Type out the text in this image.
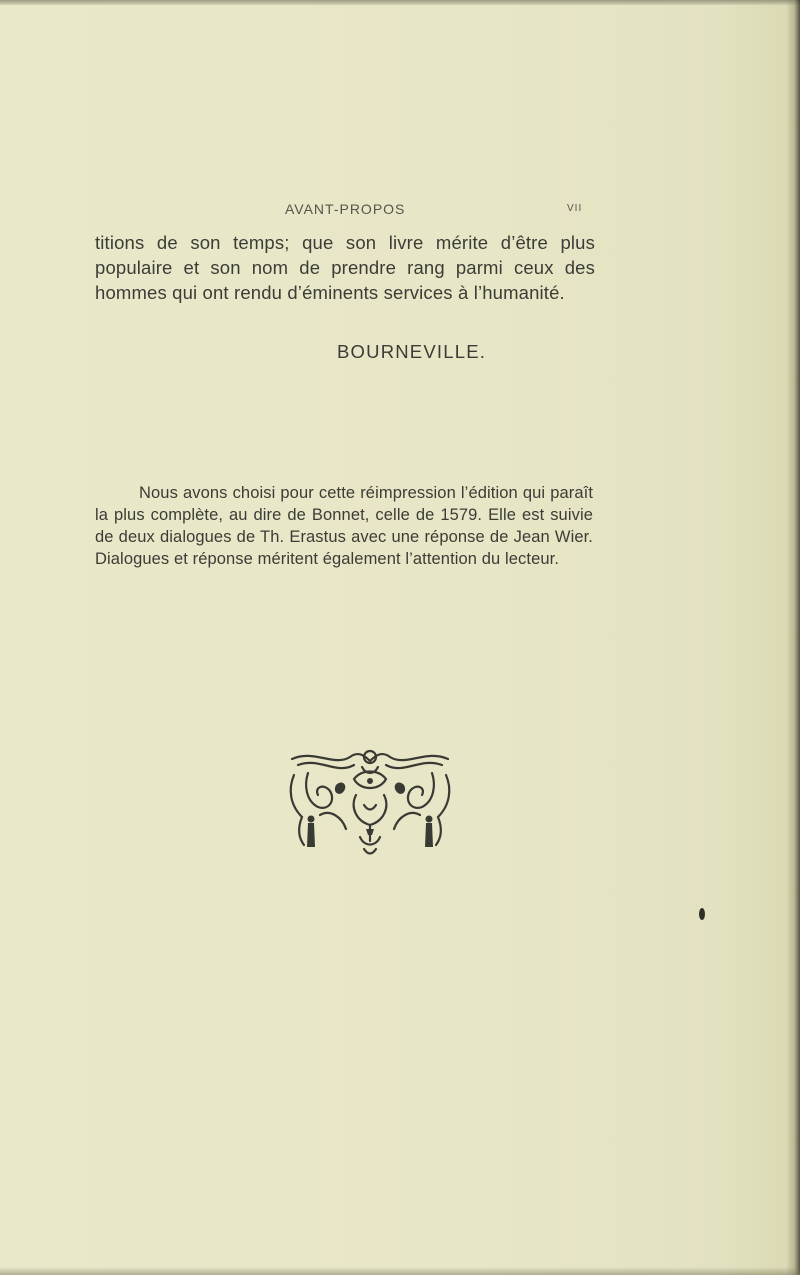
AVANT-PROPOS	VII

titions de son temps; que son livre mérite d’être plus populaire et son nom de prendre rang parmi ceux des hommes qui ont rendu d’éminents services à l’humanité.

BOURNEVILLE.

Nous avons choisi pour cette réimpression l’édition qui paraît la plus complète, au dire de Bonnet, celle de 1579. Elle est suivie de deux dialogues de Th. Erastus avec une réponse de Jean Wier. Dialogues et réponse méritent également l’attention du lecteur.
